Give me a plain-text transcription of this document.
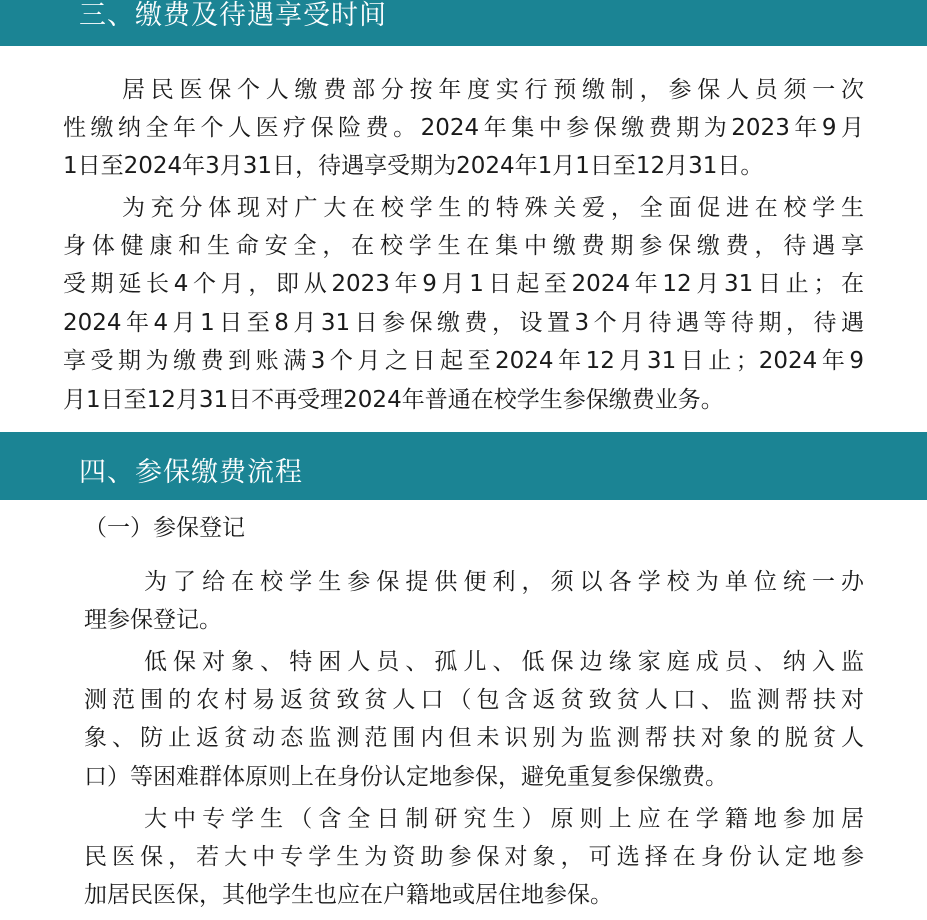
三、缴费及待遇享受时间
居民医保个人缴费部分按年度实行预缴制，参保人员须一次
性缴纳全年个人医疗保险费。2024年集中参保缴费期为2023年9月
1日至2024年3月31日，待遇享受期为2024年1月1日至12月31日。
为充分体现对广大在校学生的特殊关爱，全面促进在校学生
身体健康和生命安全，在校学生在集中缴费期参保缴费，待遇享
受期延长4个月，即从2023年9月1日起至2024年12月31日止；在
2024年4月1日至8月31日参保缴费，设置3个月待遇等待期，待遇
享受期为缴费到账满3个月之日起至2024年12月31日止；2024年9
月1日至12月31日不再受理2024年普通在校学生参保缴费业务。
四、参保缴费流程
（一）参保登记
为了给在校学生参保提供便利，须以各学校为单位统一办
理参保登记。
低保对象、特困人员、孤儿、低保边缘家庭成员、纳入监
测范围的农村易返贫致贫人口（包含返贫致贫人口、监测帮扶对
象、防止返贫动态监测范围内但未识别为监测帮扶对象的脱贫人
口）等困难群体原则上在身份认定地参保，避免重复参保缴费。
大中专学生（含全日制研究生）原则上应在学籍地参加居
民医保，若大中专学生为资助参保对象，可选择在身份认定地参
加居民医保，其他学生也应在户籍地或居住地参保。
